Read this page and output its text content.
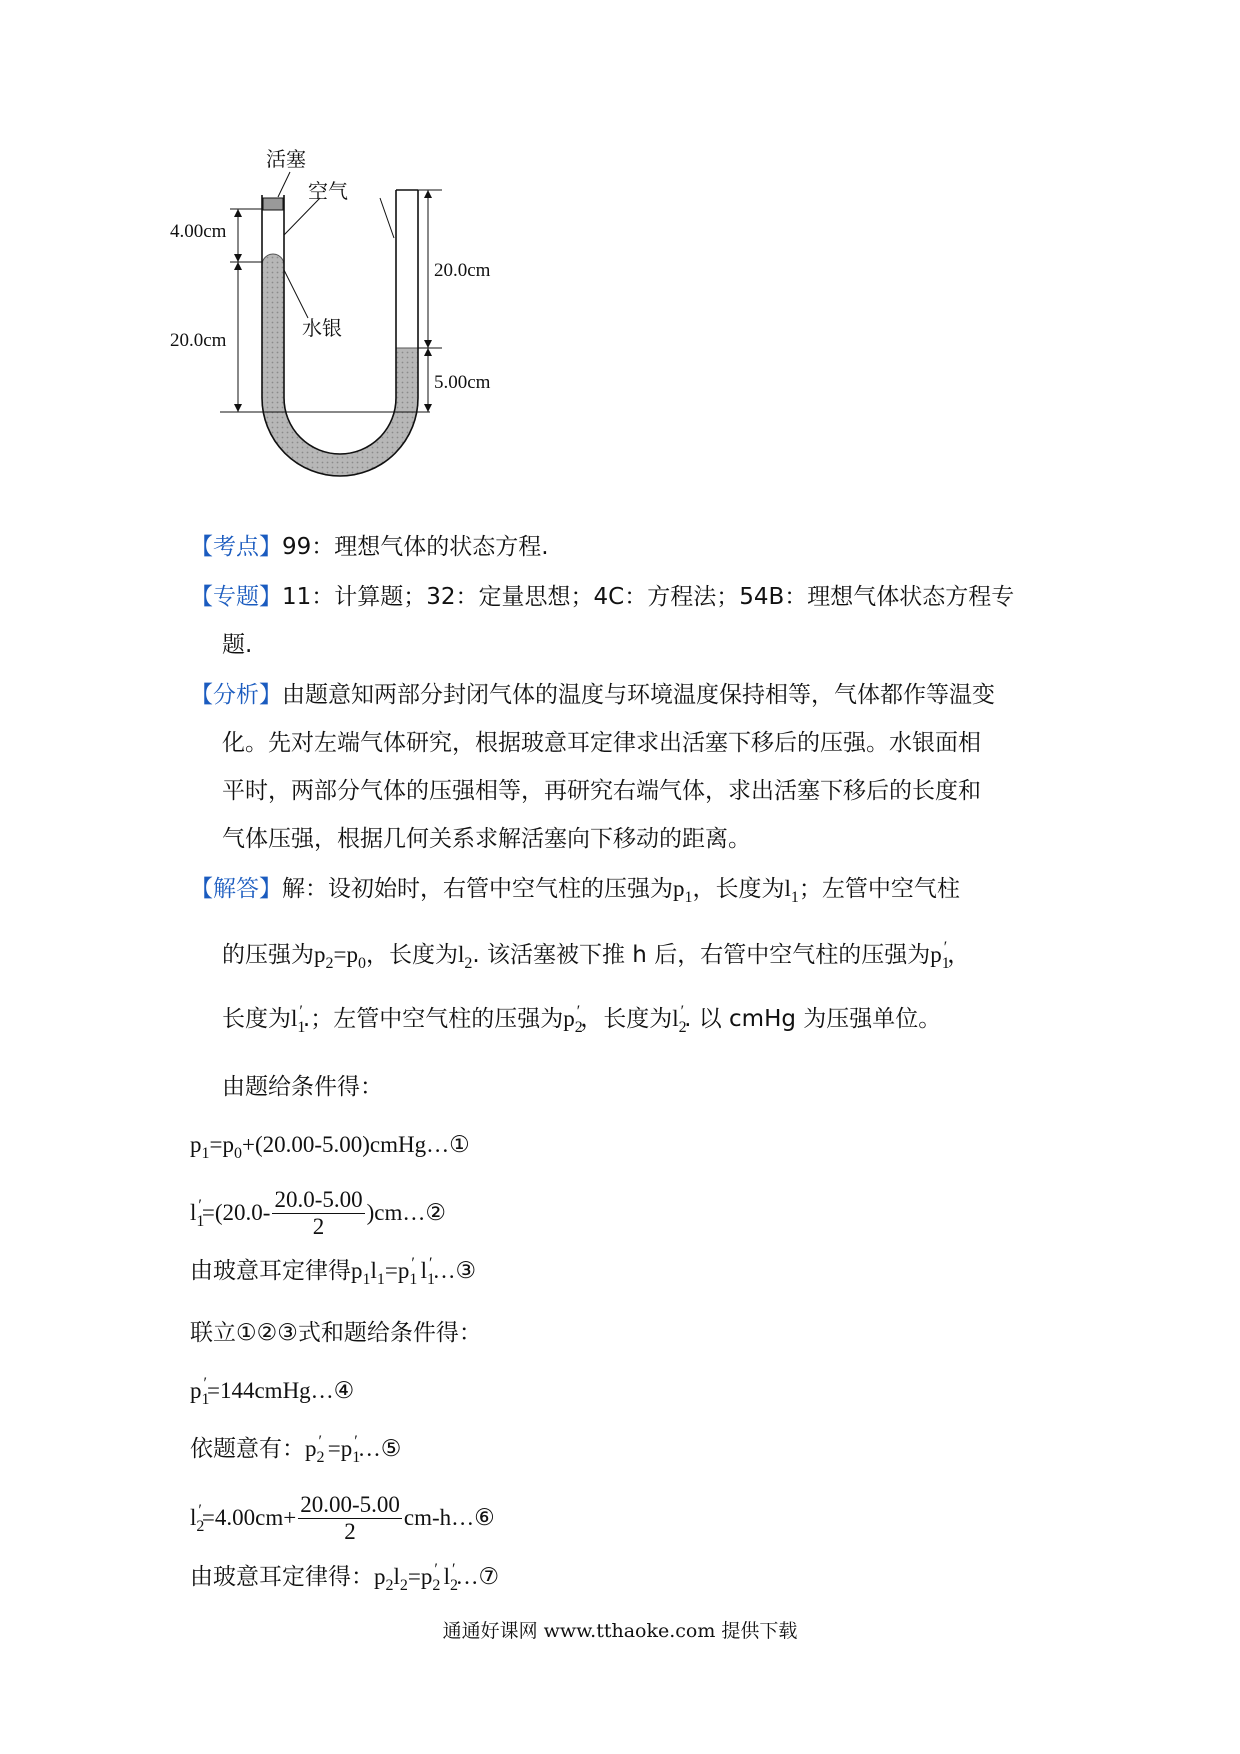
活塞
空气
水银
4.00cm
20.0cm
20.0cm
5.00cm
【考点】99：理想气体的状态方程.
【专题】11：计算题；32：定量思想；4C：方程法；54B：理想气体状态方程专
题.
【分析】由题意知两部分封闭气体的温度与环境温度保持相等，气体都作等温变
化。先对左端气体研究，根据玻意耳定律求出活塞下移后的压强。水银面相
平时，两部分气体的压强相等，再研究右端气体，求出活塞下移后的长度和
气体压强，根据几何关系求解活塞向下移动的距离。
【解答】解：设初始时，右管中空气柱的压强为$p_1$，长度为$l_1$；左管中空气柱
的压强为$p_2=p_0$，长度为$l_2$. 该活塞被下推 h 后，右管中空气柱的压强为$p_1'$，
长度为$l_1'$.；左管中空气柱的压强为$p_2'$，长度为$l_2'$. 以 cmHg 为压强单位。
由题给条件得：
$p_1=p_0+(20.00-5.00)cmHg\dots ①$
$l_1'=(20.0- \frac{20.0-5.00}{2}$ )cm…②
由玻意耳定律得$p_1l_1=p_1'$ $l_1'\dots ③$
联立①②③式和题给条件得：
$p_1'=144cmHg\dots ④$
依题意有：$p_2'$ $=p_1'\dots ⑤$
$l_2'=4.00cm+ \frac{20.00-5.00}{2}$ cm-h…⑥
由玻意耳定律得：$p_2l_2=p_2'$ $l_2'\dots ⑦$
通通好课网 www.tthaoke.com 提供下载
